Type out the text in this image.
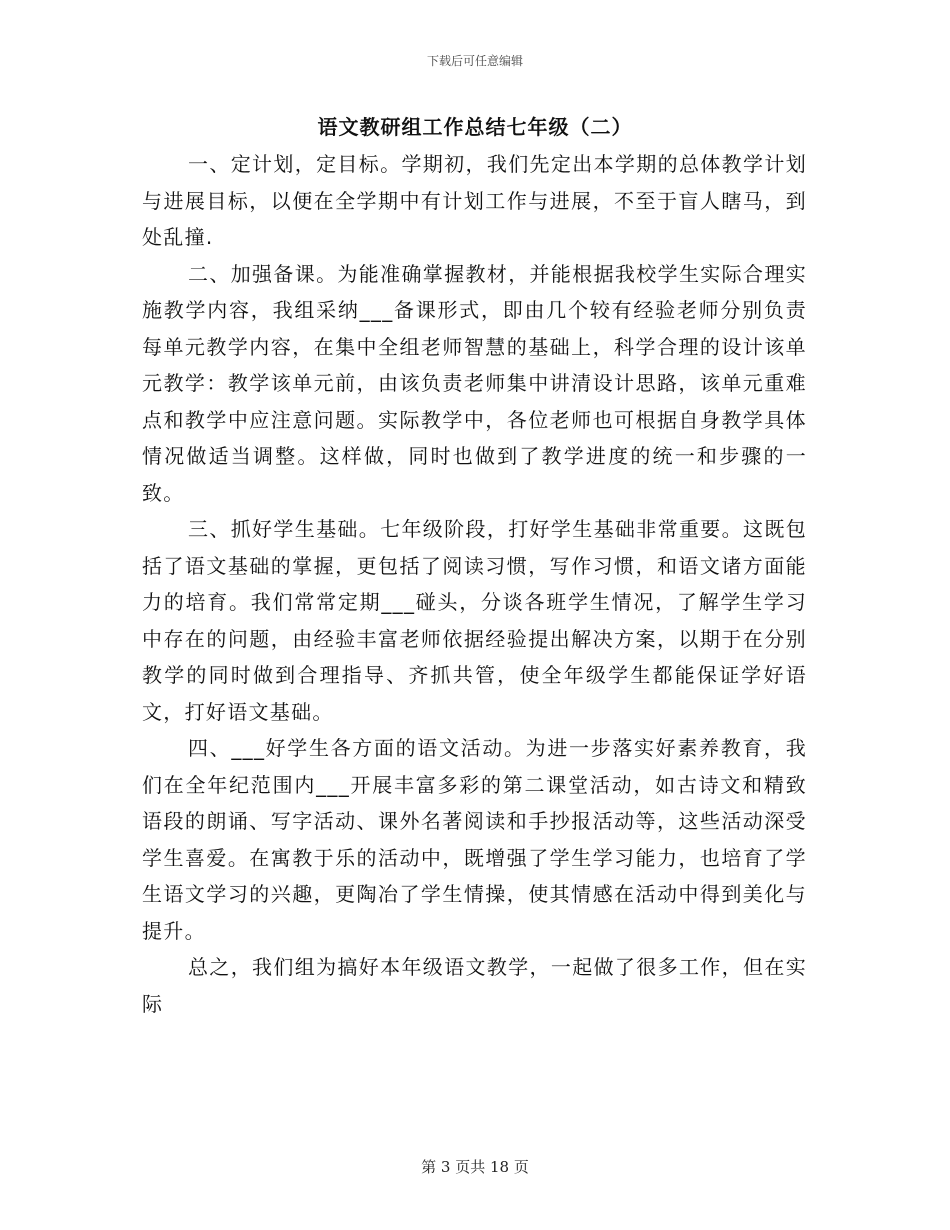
下载后可任意编辑
语文教研组工作总结七年级（二）

一、定计划，定目标。学期初，我们先定出本学期的总体教学计划与进展目标，以便在全学期中有计划工作与进展，不至于盲人瞎马，到处乱撞.

二、加强备课。为能准确掌握教材，并能根据我校学生实际合理实施教学内容，我组采纳___备课形式，即由几个较有经验老师分别负责每单元教学内容，在集中全组老师智慧的基础上，科学合理的设计该单元教学：教学该单元前，由该负责老师集中讲清设计思路，该单元重难点和教学中应注意问题。实际教学中，各位老师也可根据自身教学具体情况做适当调整。这样做，同时也做到了教学进度的统一和步骤的一致。

三、抓好学生基础。七年级阶段，打好学生基础非常重要。这既包括了语文基础的掌握，更包括了阅读习惯，写作习惯，和语文诸方面能力的培育。我们常常定期___碰头，分谈各班学生情况，了解学生学习中存在的问题，由经验丰富老师依据经验提出解决方案，以期于在分别教学的同时做到合理指导、齐抓共管，使全年级学生都能保证学好语文，打好语文基础。

四、___好学生各方面的语文活动。为进一步落实好素养教育，我们在全年纪范围内___开展丰富多彩的第二课堂活动，如古诗文和精致语段的朗诵、写字活动、课外名著阅读和手抄报活动等，这些活动深受学生喜爱。在寓教于乐的活动中，既增强了学生学习能力，也培育了学生语文学习的兴趣，更陶冶了学生情操，使其情感在活动中得到美化与提升。

总之，我们组为搞好本年级语文教学，一起做了很多工作，但在实际

第 3 页共 18 页
